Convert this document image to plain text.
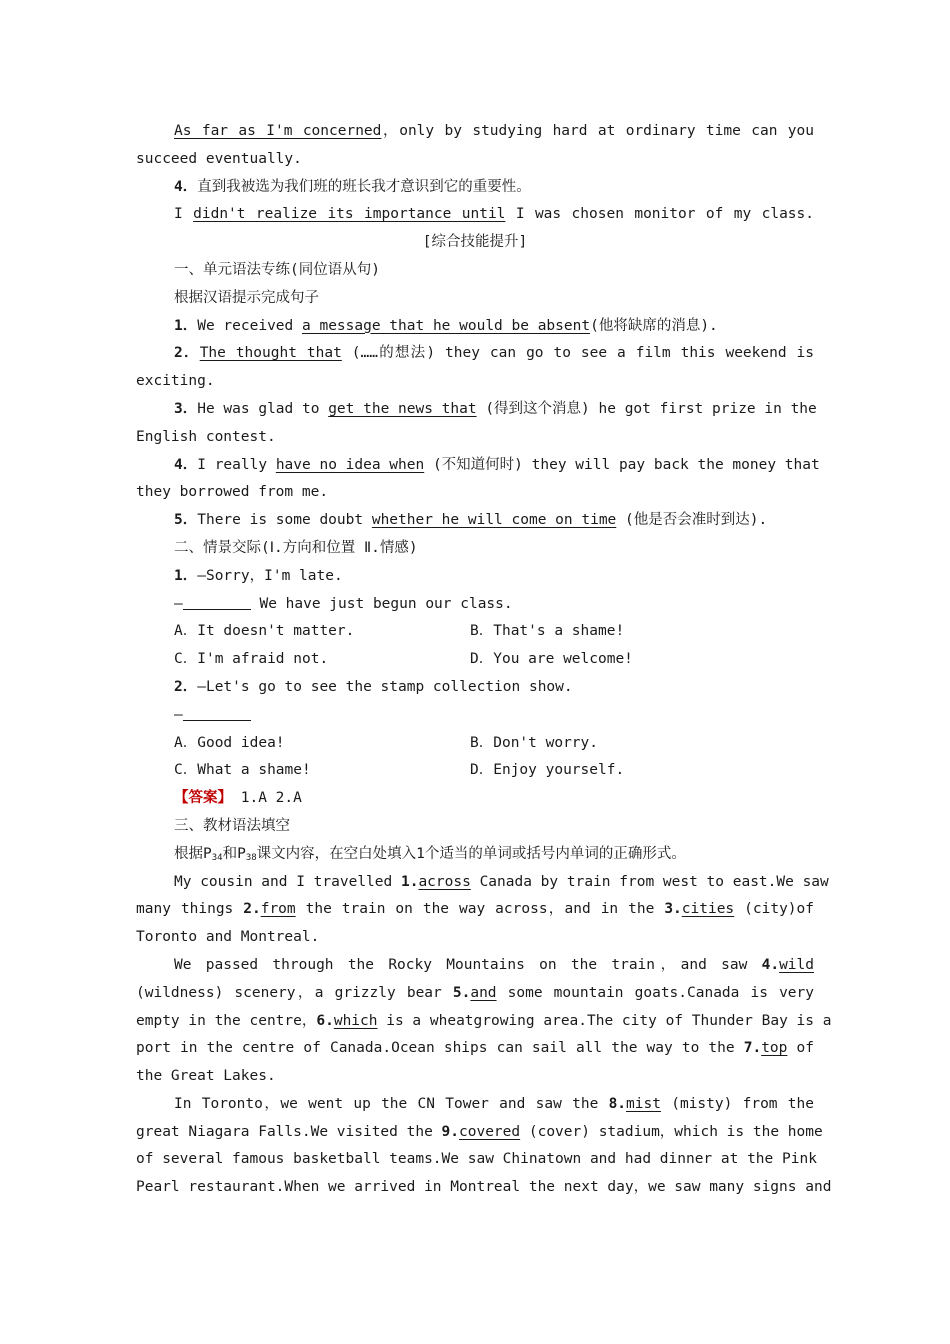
As far as I'm concerned，only by studying hard at ordinary time can you
succeed eventually.
4．直到我被选为我们班的班长我才意识到它的重要性。
I didn't realize its importance until I was chosen monitor of my class.
[综合技能提升]
一、单元语法专练(同位语从句)
根据汉语提示完成句子
1．We received a message that he would be absent(他将缺席的消息).
2．The thought that (……的想法) they can go to see a film this weekend is
exciting.
3．He was glad to get the news that (得到这个消息) he got first prize in the
English contest.
4．I really have no idea when (不知道何时) they will pay back the money that
they borrowed from me.
5．There is some doubt whether he will come on time (他是否会准时到达).
二、情景交际(Ⅰ.方向和位置 Ⅱ.情感)
1．—Sorry，I'm late.
—	We have just begun our class.
A．It doesn't matter.	B．That's a shame!
C．I'm afraid not.	D．You are welcome!
2．—Let's go to see the stamp collection show.
—
A．Good idea!	B．Don't worry.
C．What a shame!	D．Enjoy yourself.
【答案】 1.A 2.A
三、教材语法填空
根据$P_{34}$和$P_{38}$课文内容，在空白处填入1个适当的单词或括号内单词的正确形式。
My cousin and I travelled 1.across Canada by train from west to east.We saw
many things 2.from the train on the way across，and in the 3.cities (city)of
Toronto and Montreal.
We passed through the Rocky Mountains on the train，and saw 4.wild
(wildness) scenery，a grizzly bear 5.and some mountain goats.Canada is very
empty in the centre，6.which is a wheatgrowing area.The city of Thunder Bay is a
port in the centre of Canada.Ocean ships can sail all the way to the 7.top of
the Great Lakes.
In Toronto，we went up the CN Tower and saw the 8.mist (misty) from the
great Niagara Falls.We visited the 9.covered (cover) stadium，which is the home
of several famous basketball teams.We saw Chinatown and had dinner at the Pink
Pearl restaurant.When we arrived in Montreal the next day，we saw many signs and
